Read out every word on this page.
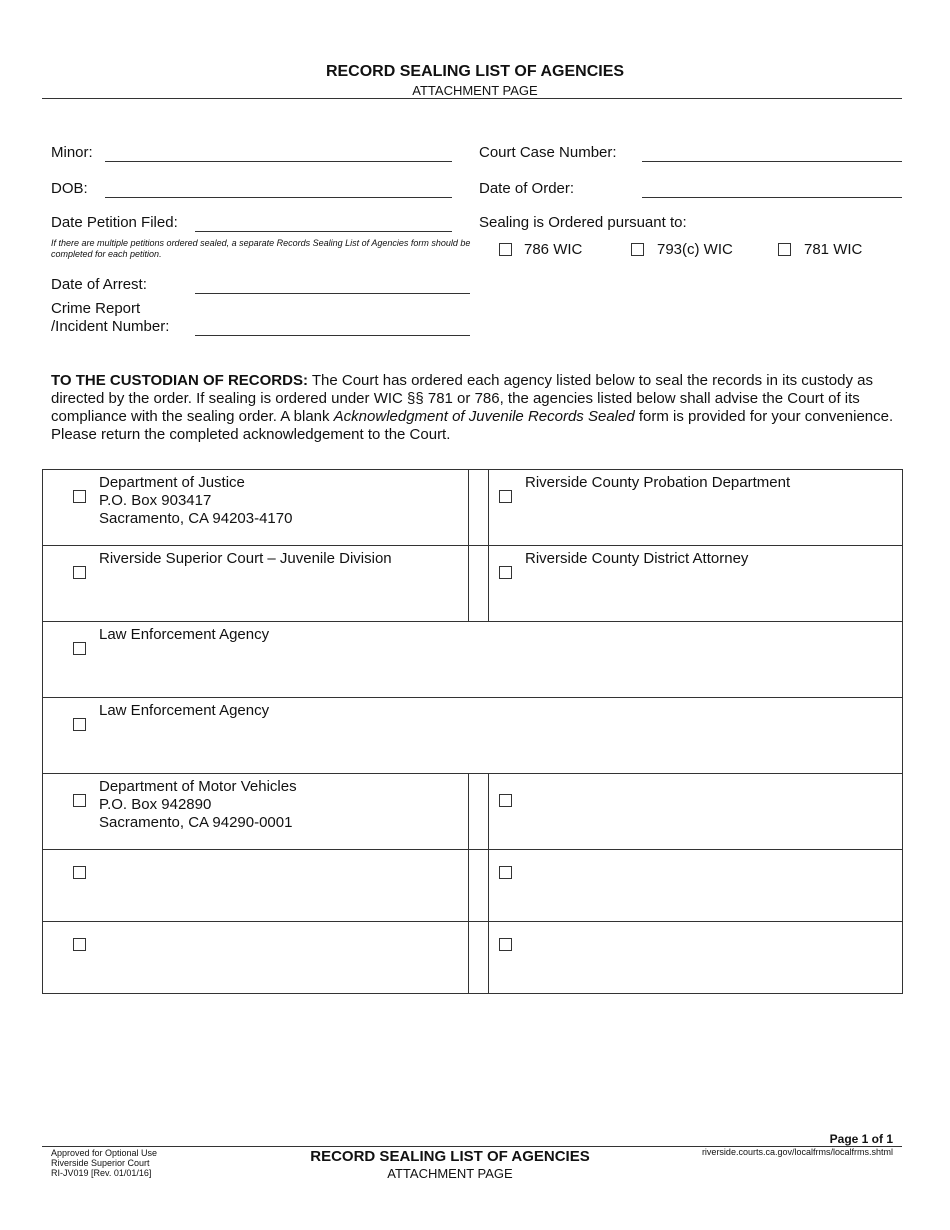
RECORD SEALING LIST OF AGENCIES
ATTACHMENT PAGE
Minor:
DOB:
Date Petition Filed:
If there are multiple petitions ordered sealed, a separate Records Sealing List of Agencies form should be completed for each petition.
Date of Arrest:
Crime Report
/Incident Number:
Court Case Number:
Date of Order:
Sealing is Ordered pursuant to:
786 WIC	793(c) WIC	781 WIC
TO THE CUSTODIAN OF RECORDS: The Court has ordered each agency listed below to seal the records in its custody as directed by the order. If sealing is ordered under WIC §§ 781 or 786, the agencies listed below shall advise the Court of its compliance with the sealing order. A blank Acknowledgment of Juvenile Records Sealed form is provided for your convenience. Please return the completed acknowledgement to the Court.
Department of Justice
P.O. Box 903417
Sacramento, CA 94203-4170		Riverside County Probation Department

Riverside Superior Court – Juvenile Division		Riverside County District Attorney

Law Enforcement Agency		

Law Enforcement Agency		

Department of Motor Vehicles
P.O. Box 942890
Sacramento, CA 94290-0001		

Page 1 of 1
Approved for Optional Use
Riverside Superior Court
RI-JV019 [Rev. 01/01/16]
RECORD SEALING LIST OF AGENCIES
ATTACHMENT PAGE
riverside.courts.ca.gov/localfrms/localfrms.shtml
